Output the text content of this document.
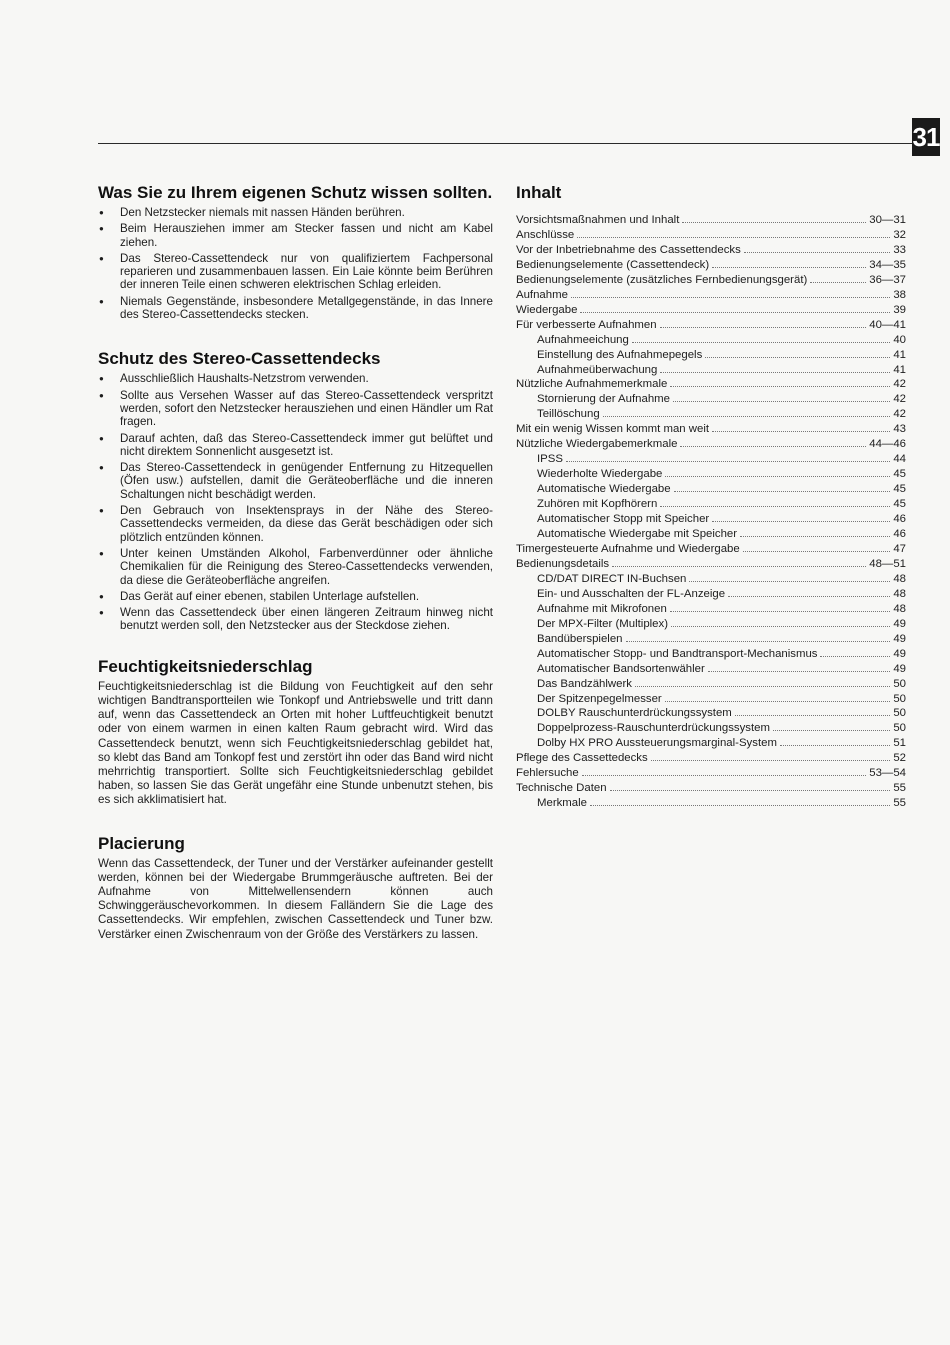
31
Was Sie zu Ihrem eigenen Schutz wissen sollten.
● Den Netzstecker niemals mit nassen Händen berühren.
● Beim Herausziehen immer am Stecker fassen und nicht am Kabel ziehen.
● Das Stereo-Cassettendeck nur von qualifiziertem Fachpersonal reparieren und zusammenbauen lassen. Ein Laie könnte beim Berühren der inneren Teile einen schweren elektrischen Schlag erleiden.
● Niemals Gegenstände, insbesondere Metallgegenstände, in das Innere des Stereo-Cassettendecks stecken.
Schutz des Stereo-Cassettendecks
● Ausschließlich Haushalts-Netzstrom verwenden.
● Sollte aus Versehen Wasser auf das Stereo-Cassettendeck verspritzt werden, sofort den Netzstecker herausziehen und einen Händler um Rat fragen.
● Darauf achten, daß das Stereo-Cassettendeck immer gut belüftet und nicht direktem Sonnenlicht ausgesetzt ist.
● Das Stereo-Cassettendeck in genügender Entfernung zu Hitzequellen (Öfen usw.) aufstellen, damit die Geräteoberfläche und die inneren Schaltungen nicht beschädigt werden.
● Den Gebrauch von Insektensprays in der Nähe des Stereo-Cassettendecks vermeiden, da diese das Gerät beschädigen oder sich plötzlich entzünden können.
● Unter keinen Umständen Alkohol, Farbenverdünner oder ähnliche Chemikalien für die Reinigung des Stereo-Cassettendecks verwenden, da diese die Geräteoberfläche angreifen.
● Das Gerät auf einer ebenen, stabilen Unterlage aufstellen.
● Wenn das Cassettendeck über einen längeren Zeitraum hinweg nicht benutzt werden soll, den Netzstecker aus der Steckdose ziehen.
Feuchtigkeitsniederschlag

Feuchtigkeitsniederschlag ist die Bildung von Feuchtigkeit auf den sehr wichtigen Bandtransportteilen wie Tonkopf und Antriebswelle und tritt dann auf, wenn das Cassettendeck an Orten mit hoher Luftfeuchtigkeit benutzt oder von einem warmen in einen kalten Raum gebracht wird. Wird das Cassettendeck benutzt, wenn sich Feuchtigkeitsniederschlag gebildet hat, so klebt das Band am Tonkopf fest und zerstört ihn oder das Band wird nicht mehrrichtig transportiert. Sollte sich Feuchtigkeitsniederschlag gebildet haben, so lassen Sie das Gerät ungefähr eine Stunde unbenutzt stehen, bis es sich akklimatisiert hat.

Placierung

Wenn das Cassettendeck, der Tuner und der Verstärker aufeinander gestellt werden, können bei der Wiedergabe Brummgeräusche auftreten. Bei der Aufnahme von Mittelwellensendern können auch Schwinggeräuschevorkommen. In diesem Falländern Sie die Lage des Cassettendecks. Wir empfehlen, zwischen Cassettendeck und Tuner bzw. Verstärker einen Zwischenraum von der Größe des Verstärkers zu lassen.

Inhalt
Vorsichtsmaßnahmen und Inhalt	30—31
Anschlüsse	32
Vor der Inbetriebnahme des Cassettendecks	33
Bedienungselemente (Cassettendeck)	34—35
Bedienungselemente (zusätzliches Fernbedienungsgerät)	36—37
Aufnahme	38
Wiedergabe	39
Für verbesserte Aufnahmen	40—41
Aufnahmeeichung	40
Einstellung des Aufnahmepegels	41
Aufnahmeüberwachung	41
Nützliche Aufnahmemerkmale	42
Stornierung der Aufnahme	42
Teillöschung	42
Mit ein wenig Wissen kommt man weit	43
Nützliche Wiedergabemerkmale	44—46
IPSS	44
Wiederholte Wiedergabe	45
Automatische Wiedergabe	45
Zuhören mit Kopfhörern	45
Automatischer Stopp mit Speicher	46
Automatische Wiedergabe mit Speicher	46
Timergesteuerte Aufnahme und Wiedergabe	47
Bedienungsdetails	48—51
CD/DAT DIRECT IN-Buchsen	48
Ein- und Ausschalten der FL-Anzeige	48
Aufnahme mit Mikrofonen	48
Der MPX-Filter (Multiplex)	49
Bandüberspielen	49
Automatischer Stopp- und Bandtransport-Mechanismus	49
Automatischer Bandsortenwähler	49
Das Bandzählwerk	50
Der Spitzenpegelmesser	50
DOLBY Rauschunterdrückungssystem	50
Doppelprozess-Rauschunterdrückungssystem	50
Dolby HX PRO Aussteuerungsmarginal-System	51
Pflege des Cassettedecks	52
Fehlersuche	53—54
Technische Daten	55
Merkmale	55
